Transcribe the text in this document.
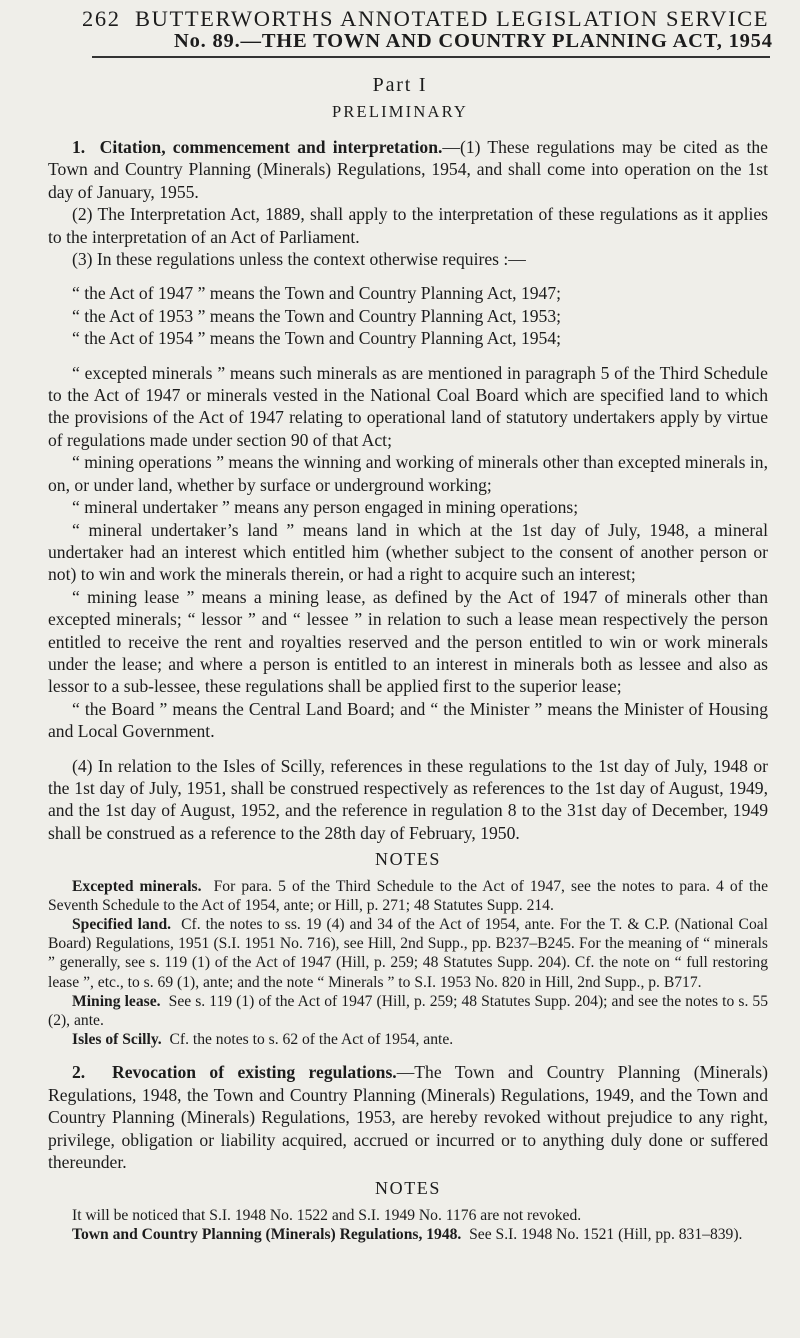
262 BUTTERWORTHS ANNOTATED LEGISLATION SERVICE
No. 89.—THE TOWN AND COUNTRY PLANNING ACT, 1954
Part I
PRELIMINARY

1. Citation, commencement and interpretation.—(1) These regulations may be cited as the Town and Country Planning (Minerals) Regulations, 1954, and shall come into operation on the 1st day of January, 1955.

(2) The Interpretation Act, 1889, shall apply to the interpretation of these regulations as it applies to the interpretation of an Act of Parliament.

(3) In these regulations unless the context otherwise requires :—

“ the Act of 1947 ” means the Town and Country Planning Act, 1947;

“ the Act of 1953 ” means the Town and Country Planning Act, 1953;

“ the Act of 1954 ” means the Town and Country Planning Act, 1954;

“ excepted minerals ” means such minerals as are mentioned in paragraph 5 of the Third Schedule to the Act of 1947 or minerals vested in the National Coal Board which are specified land to which the provisions of the Act of 1947 relating to operational land of statutory undertakers apply by virtue of regulations made under section 90 of that Act;

“ mining operations ” means the winning and working of minerals other than excepted minerals in, on, or under land, whether by surface or underground working;

“ mineral undertaker ” means any person engaged in mining operations;

“ mineral undertaker’s land ” means land in which at the 1st day of July, 1948, a mineral undertaker had an interest which entitled him (whether subject to the consent of another person or not) to win and work the minerals therein, or had a right to acquire such an interest;

“ mining lease ” means a mining lease, as defined by the Act of 1947 of minerals other than excepted minerals; “ lessor ” and “ lessee ” in relation to such a lease mean respectively the person entitled to receive the rent and royalties reserved and the person entitled to win or work minerals under the lease; and where a person is entitled to an interest in minerals both as lessee and also as lessor to a sub-lessee, these regulations shall be applied first to the superior lease;

“ the Board ” means the Central Land Board; and “ the Minister ” means the Minister of Housing and Local Government.

(4) In relation to the Isles of Scilly, references in these regulations to the 1st day of July, 1948 or the 1st day of July, 1951, shall be construed respectively as references to the 1st day of August, 1949, and the 1st day of August, 1952, and the reference in regulation 8 to the 31st day of December, 1949 shall be construed as a reference to the 28th day of February, 1950.

NOTES

Excepted minerals. For para. 5 of the Third Schedule to the Act of 1947, see the notes to para. 4 of the Seventh Schedule to the Act of 1954, ante; or Hill, p. 271; 48 Statutes Supp. 214.

Specified land. Cf. the notes to ss. 19 (4) and 34 of the Act of 1954, ante. For the T. & C.P. (National Coal Board) Regulations, 1951 (S.I. 1951 No. 716), see Hill, 2nd Supp., pp. B237–B245. For the meaning of “ minerals ” generally, see s. 119 (1) of the Act of 1947 (Hill, p. 259; 48 Statutes Supp. 204). Cf. the note on “ full restoring lease ”, etc., to s. 69 (1), ante; and the note “ Minerals ” to S.I. 1953 No. 820 in Hill, 2nd Supp., p. B717.

Mining lease. See s. 119 (1) of the Act of 1947 (Hill, p. 259; 48 Statutes Supp. 204); and see the notes to s. 55 (2), ante.

Isles of Scilly. Cf. the notes to s. 62 of the Act of 1954, ante.

2. Revocation of existing regulations.—The Town and Country Planning (Minerals) Regulations, 1948, the Town and Country Planning (Minerals) Regulations, 1949, and the Town and Country Planning (Minerals) Regulations, 1953, are hereby revoked without prejudice to any right, privilege, obligation or liability acquired, accrued or incurred or to anything duly done or suffered thereunder.

NOTES

It will be noticed that S.I. 1948 No. 1522 and S.I. 1949 No. 1176 are not revoked.

Town and Country Planning (Minerals) Regulations, 1948. See S.I. 1948 No. 1521 (Hill, pp. 831–839).
